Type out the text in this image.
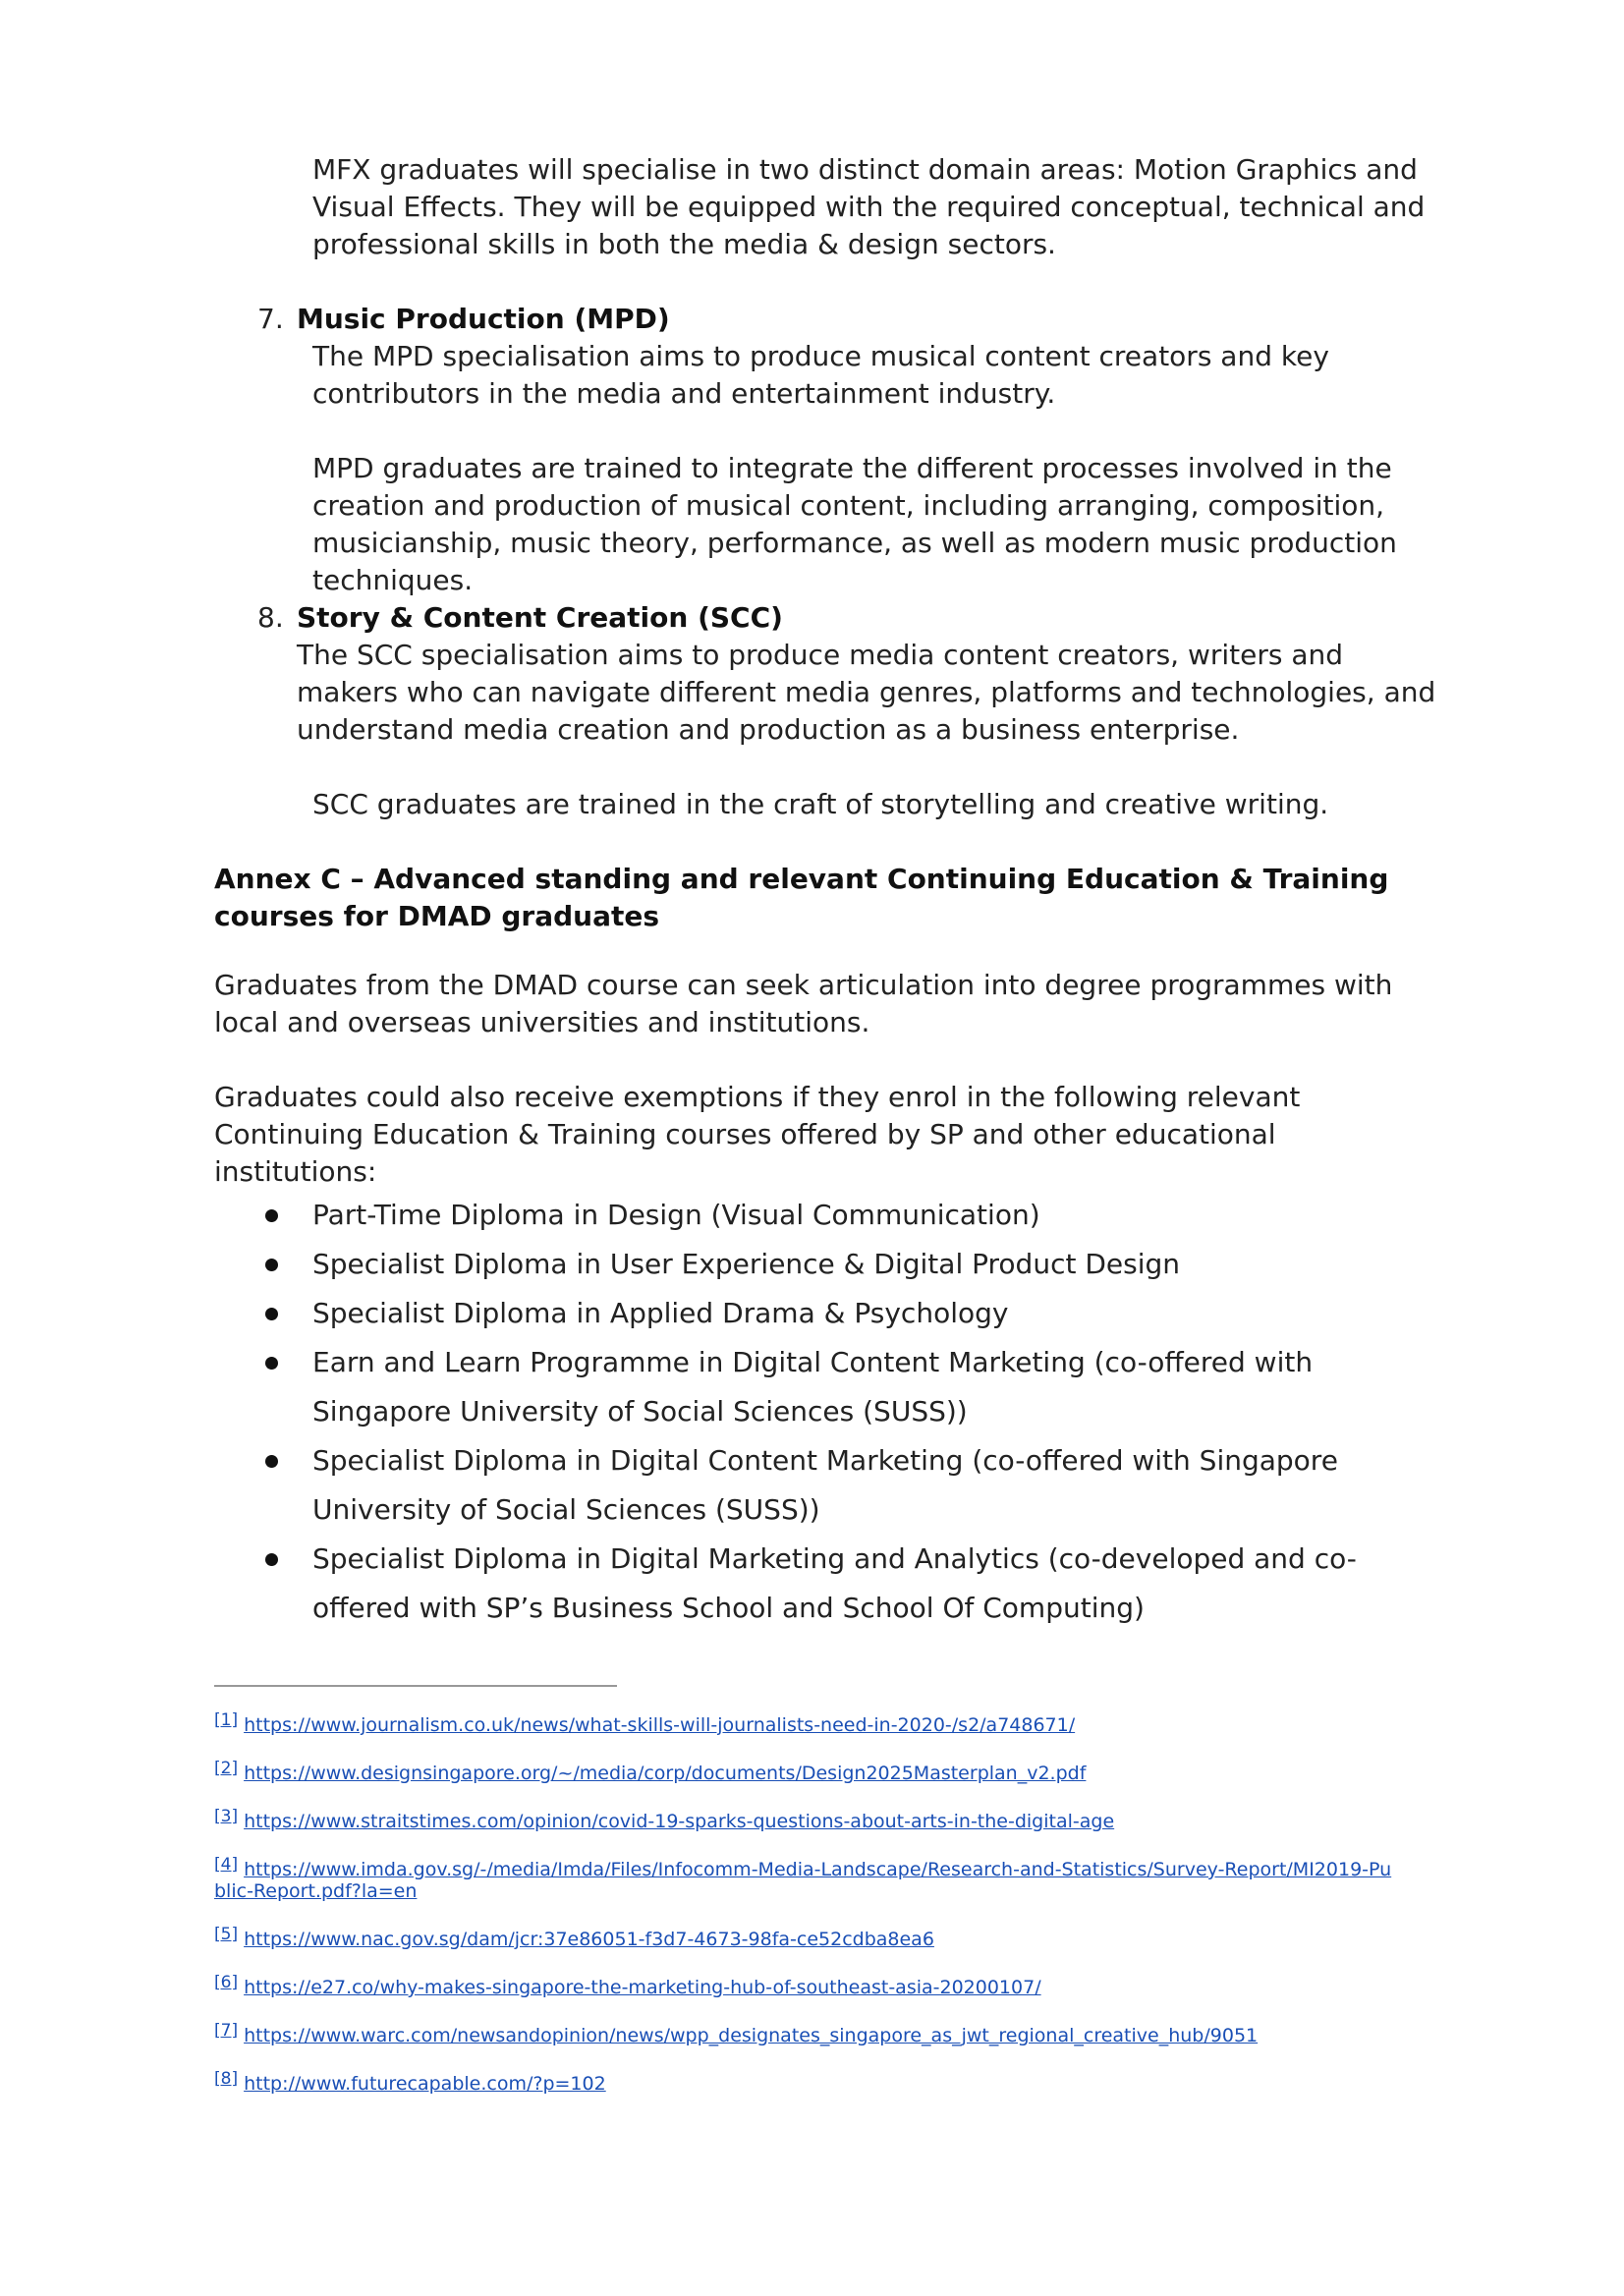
MFX graduates will specialise in two distinct domain areas: Motion Graphics and Visual Effects. They will be equipped with the required conceptual, technical and professional skills in both the media & design sectors.

7. Music Production (MPD)

The MPD specialisation aims to produce musical content creators and key contributors in the media and entertainment industry.

MPD graduates are trained to integrate the different processes involved in the creation and production of musical content, including arranging, composition, musicianship, music theory, performance, as well as modern music production techniques.

8. Story & Content Creation (SCC)

The SCC specialisation aims to produce media content creators, writers and makers who can navigate different media genres, platforms and technologies, and understand media creation and production as a business enterprise.

SCC graduates are trained in the craft of storytelling and creative writing.

Annex C – Advanced standing and relevant Continuing Education & Training courses for DMAD graduates

Graduates from the DMAD course can seek articulation into degree programmes with local and overseas universities and institutions.

Graduates could also receive exemptions if they enrol in the following relevant Continuing Education & Training courses offered by SP and other educational institutions:

Part-Time Diploma in Design (Visual Communication)
Specialist Diploma in User Experience & Digital Product Design
Specialist Diploma in Applied Drama & Psychology
Earn and Learn Programme in Digital Content Marketing (co-offered with Singapore University of Social Sciences (SUSS))
Specialist Diploma in Digital Content Marketing (co-offered with Singapore University of Social Sciences (SUSS))
Specialist Diploma in Digital Marketing and Analytics (co-developed and co-offered with SP’s Business School and School Of Computing)
[1] https://www.journalism.co.uk/news/what-skills-will-journalists-need-in-2020-/s2/a748671/
[2] https://www.designsingapore.org/~/media/corp/documents/Design2025Masterplan_v2.pdf
[3] https://www.straitstimes.com/opinion/covid-19-sparks-questions-about-arts-in-the-digital-age
[4] https://www.imda.gov.sg/-/media/Imda/Files/Infocomm-Media-Landscape/Research-and-Statistics/Survey-Report/MI2019-Public-Report.pdf?la=en
[5] https://www.nac.gov.sg/dam/jcr:37e86051-f3d7-4673-98fa-ce52cdba8ea6
[6] https://e27.co/why-makes-singapore-the-marketing-hub-of-southeast-asia-20200107/
[7] https://www.warc.com/newsandopinion/news/wpp_designates_singapore_as_jwt_regional_creative_hub/9051
[8] http://www.futurecapable.com/?p=102
